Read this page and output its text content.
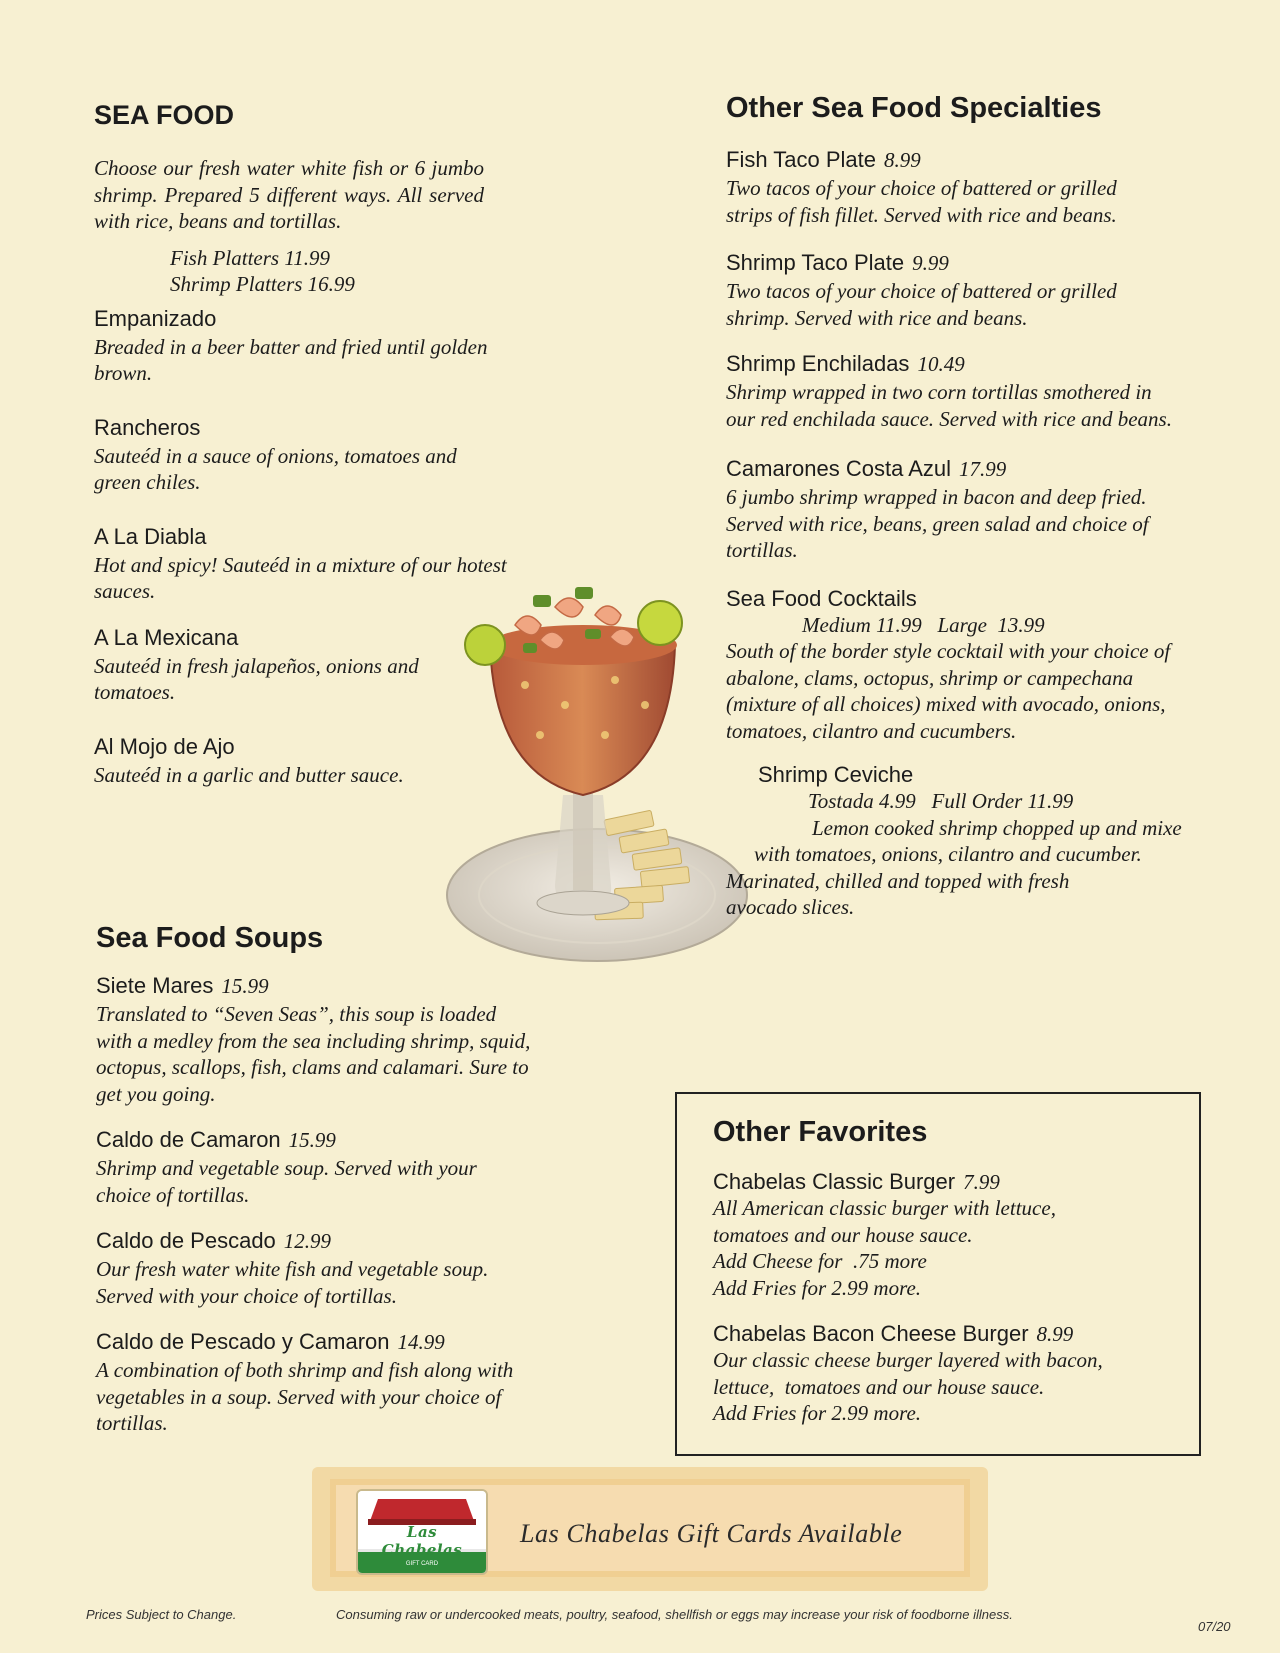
SEA FOOD

Choose our fresh water white fish or 6 jumbo shrimp. Prepared 5 different ways. All served with rice, beans and tortillas.

Fish Platters 11.99
Shrimp Platters 16.99
Empanizado

Breaded in a beer batter and fried until golden brown.

Rancheros

Sauteéd in a sauce of onions, tomatoes and green chiles.

A La Diabla

Hot and spicy! Sauteéd in a mixture of our hotest sauces.

A La Mexicana

Sauteéd in fresh jalapeños, onions and tomatoes.

Al Mojo de Ajo

Sauteéd in a garlic and butter sauce.

Sea Food Soups
Siete Mares 15.99

Translated to “Seven Seas”, this soup is loaded with a medley from the sea including shrimp, squid, octopus, scallops, fish, clams and calamari. Sure to get you going.

Caldo de Camaron 15.99

Shrimp and vegetable soup. Served with your choice of tortillas.

Caldo de Pescado 12.99

Our fresh water white fish and vegetable soup. Served with your choice of tortillas.

Caldo de Pescado y Camaron 14.99

A combination of both shrimp and fish along with vegetables in a soup. Served with your choice of tortillas.

Other Sea Food Specialties
Fish Taco Plate 8.99

Two tacos of your choice of battered or grilled strips of fish fillet. Served with rice and beans.

Shrimp Taco Plate 9.99

Two tacos of your choice of battered or grilled shrimp. Served with rice and beans.

Shrimp Enchiladas 10.49

Shrimp wrapped in two corn tortillas smothered in our red enchilada sauce. Served with rice and beans.

Camarones Costa Azul 17.99

6 jumbo shrimp wrapped in bacon and deep fried. Served with rice, beans, green salad and choice of tortillas.

Sea Food Cocktails
Medium 11.99   Large  13.99

South of the border style cocktail with your choice of abalone, clams, octopus, shrimp or campechana (mixture of all choices) mixed with avocado, onions, tomatoes, cilantro and cucumbers.

Shrimp Ceviche
Tostada 4.99   Full Order 11.99
Lemon cooked shrimp chopped up and mixe
with tomatoes, onions, cilantro and cucumber.

Marinated, chilled and topped with fresh avocado slices.

Other Favorites
Chabelas Classic Burger 7.99
All American classic burger with lettuce,
tomatoes and our house sauce.
Add Cheese for  .75 more
Add Fries for 2.99 more.
Chabelas Bacon Cheese Burger 8.99
Our classic cheese burger layered with bacon,
lettuce,  tomatoes and our house sauce.
Add Fries for 2.99 more.
Las Chabelas
GIFT CARD
Las Chabelas Gift Cards Available
Prices Subject to Change.	Consuming raw or undercooked meats, poultry, seafood, shellfish or eggs may increase your risk of foodborne illness.
07/20
